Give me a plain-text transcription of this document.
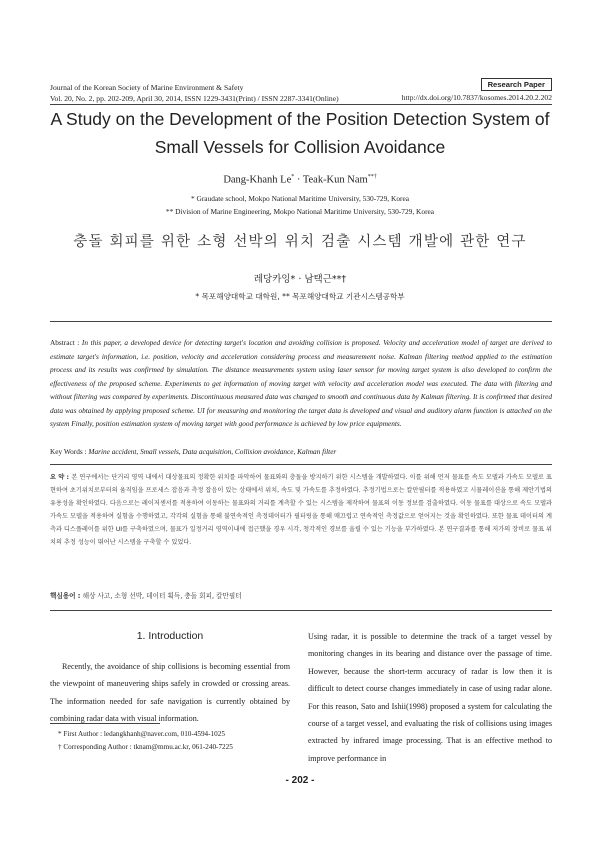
Journal of the Korean Society of Marine Environment & Safety
Vol. 20, No. 2, pp. 202-209, April 30, 2014, ISSN 1229-3431(Print) / ISSN 2287-3341(Online)
Research Paper
http://dx.doi.org/10.7837/kosomes.2014.20.2.202
A Study on the Development of the Position Detection System of Small Vessels for Collision Avoidance
Dang-Khanh Le* · Teak-Kun Nam**†
* Graudate school, Mokpo National Maritime University, 530-729, Korea
** Division of Marine Engineering, Mokpo National Maritime University, 530-729, Korea
충돌 회피를 위한 소형 선박의 위치 검출 시스템 개발에 관한 연구
레당카잉* · 남택근**†
* 목포해양대학교 대학원, ** 목포해양대학교 기관시스템공학부
Abstract : In this paper, a developed device for detecting target's location and avoiding collision is proposed. Velocity and acceleration model of target are derived to estimate target's information, i.e. position, velocity and acceleration considering process and measurement noise. Kalman filtering method applied to the estimation process and its results was confirmed by simulation. The distance measurements system using laser sensor for moving target system is also developed to confirm the effectiveness of the proposed scheme. Experiments to get information of moving target with velocity and acceleration model was executed. The data with filtering and without filtering was compared by experiments. Discontinuous measured data was changed to smooth and continuous data by Kalman filtering. It is confirmed that desired data was obtained by applying proposed scheme. UI for measuring and monitoring the target data is developed and visual and auditory alarm function is attached on the system Finally, position estimation system of moving target with good performance is achieved by low price equipments.
Key Words : Marine accident, Small vessels, Data acquisition, Collision avoidance, Kalman filter
요 약 : 본 연구에서는 단거리 영역 내에서 대상물표의 정확한 위치를 파악하여 물표와의 충돌을 방지하기 위한 시스템을 개발하였다. 이를 위해 먼저 물표를 속도 모델과 가속도 모델로 표현하여 초기위치로부터의 움직임을 프로세스 잡음과 측정 잡음이 있는 상태에서 위치, 속도 및 가속도를 추정하였다. 추정기법으로는 칼만필터를 적용하였고 시뮬레이션을 통해 제안기법의 유용성을 확인하였다. 다음으로는 레이저센서를 적용하여 이동하는 물표와의 거리를 계측할 수 있는 시스템을 제작하여 물표의 이동 정보를 검출하였다. 이동 물표를 대상으로 속도 모델과 가속도 모델을 적용하여 실험을 수행하였고, 각각의 실험을 통해 불연속적인 측정데이터가 필터링을 통해 매끄럽고 연속적인 측정값으로 얻어지는 것을 확인하였다. 또한 물표 데이터의 계측과 디스플레이를 위한 UI를 구축하였으며, 물표가 일정거리 영역이내에 접근했을 경우 시각, 청각적인 경보를 울릴 수 있는 기능을 부가하였다. 본 연구결과를 통해 저가의 장비로 물표 위치의 추정 성능이 뛰어난 시스템을 구축할 수 있었다.
핵심용어 : 해상 사고, 소형 선박, 데이터 획득, 충돌 회피, 칼만필터
1. Introduction
Recently, the avoidance of ship collisions is becoming essential from the viewpoint of maneuvering ships safely in crowded or crossing areas. The information needed for safe navigation is currently obtained by combining radar data with visual information.
Using radar, it is possible to determine the track of a target vessel by monitoring changes in its bearing and distance over the passage of time. However, because the short-term accuracy of radar is low then it is difficult to detect course changes immediately in case of using radar alone. For this reason, Sato and Ishii(1998) proposed a system for calculating the course of a target vessel, and evaluating the risk of collisions using images extracted by infrared image processing. That is an effective method to improve performance in
* First Author : ledangkhanh@naver.com, 010-4594-1025
† Corresponding Author : tknam@mmu.ac.kr, 061-240-7225
- 202 -
